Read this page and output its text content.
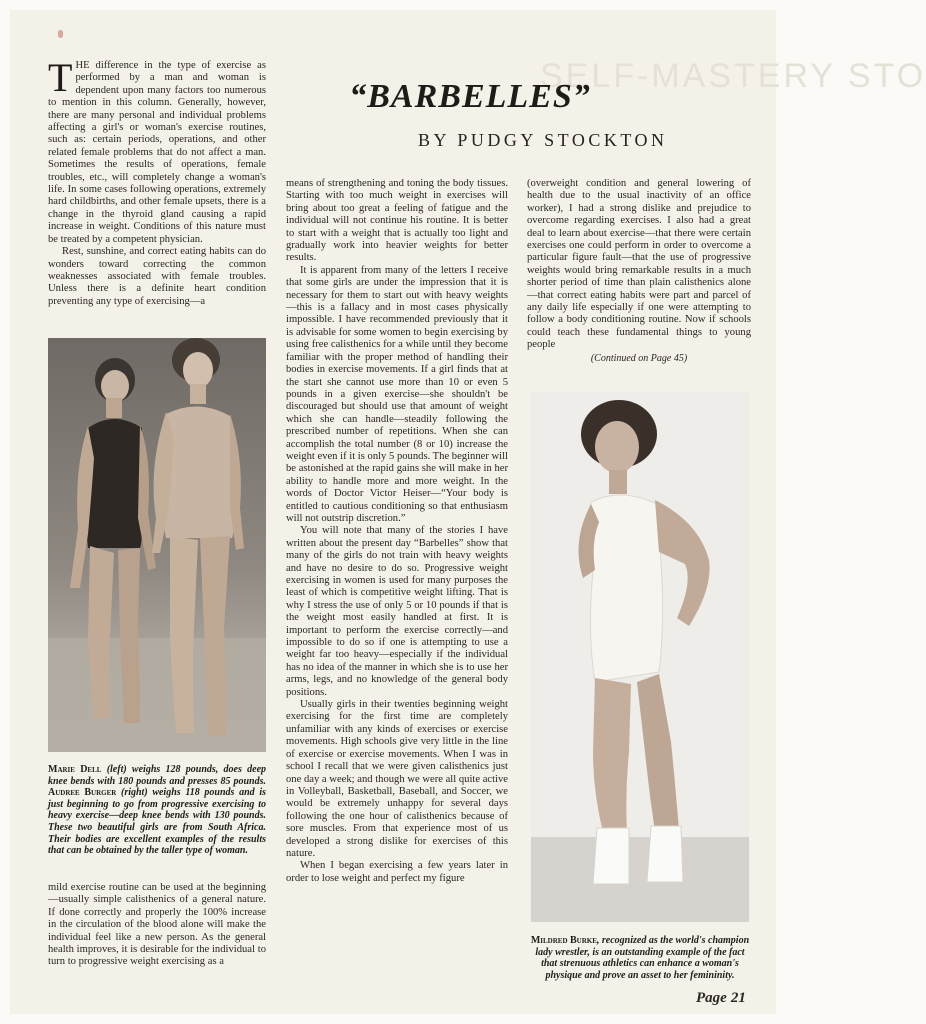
SELF-MASTERY STO
“BARBELLES”
BY PUDGY STOCKTON

THE difference in the type of exercise as performed by a man and woman is dependent upon many factors too numerous to mention in this column. Generally, however, there are many personal and individual problems affecting a girl's or woman's exercise routines, such as: certain periods, operations, and other related female problems that do not affect a man. Sometimes the results of operations, female troubles, etc., will completely change a woman's life. In some cases following operations, extremely hard childbirths, and other female upsets, there is a change in the thyroid gland causing a rapid increase in weight. Conditions of this nature must be treated by a competent physician.

Rest, sunshine, and correct eating habits can do wonders toward correcting the common weaknesses associated with female troubles. Unless there is a definite heart condition preventing any type of exercising—a

Marie Dell (left) weighs 128 pounds, does deep knee bends with 180 pounds and presses 85 pounds. Audree Burger (right) weighs 118 pounds and is just beginning to go from progressive exercising to heavy exercise—deep knee bends with 130 pounds. These two beautiful girls are from South Africa. Their bodies are excellent examples of the results that can be obtained by the taller type of woman.

mild exercise routine can be used at the beginning—usually simple calisthenics of a general nature. If done correctly and properly the 100% increase in the circulation of the blood alone will make the individual feel like a new person. As the general health improves, it is desirable for the individual to turn to progressive weight exercising as a

means of strengthening and toning the body tissues. Starting with too much weight in exercises will bring about too great a feeling of fatigue and the individual will not continue his routine. It is better to start with a weight that is actually too light and gradually work into heavier weights for better results.

It is apparent from many of the letters I receive that some girls are under the impression that it is necessary for them to start out with heavy weights—this is a fallacy and in most cases physically impossible. I have recommended previously that it is advisable for some women to begin exercising by using free calisthenics for a while until they become familiar with the proper method of handling their bodies in exercise movements. If a girl finds that at the start she cannot use more than 10 or even 5 pounds in a given exercise—she shouldn't be discouraged but should use that amount of weight which she can handle—steadily following the prescribed number of repetitions. When she can accomplish the total number (8 or 10) increase the weight even if it is only 5 pounds. The beginner will be astonished at the rapid gains she will make in her ability to handle more and more weight. In the words of Doctor Victor Heiser—“Your body is entitled to cautious conditioning so that enthusiasm will not outstrip discretion.”

You will note that many of the stories I have written about the present day “Barbelles” show that many of the girls do not train with heavy weights and have no desire to do so. Progressive weight exercising in women is used for many purposes the least of which is competitive weight lifting. That is why I stress the use of only 5 or 10 pounds if that is the weight most easily handled at first. It is important to perform the exercise correctly—and impossible to do so if one is attempting to use a weight far too heavy—especially if the individual has no idea of the manner in which she is to use her arms, legs, and no knowledge of the general body positions.

Usually girls in their twenties beginning weight exercising for the first time are completely unfamiliar with any kinds of exercises or exercise movements. High schools give very little in the line of exercise or exercise movements. When I was in school I recall that we were given calisthenics just one day a week; and though we were all quite active in Volleyball, Basketball, Baseball, and Soccer, we would be extremely unhappy for several days following the one hour of calisthenics because of sore muscles. From that experience most of us developed a strong dislike for exercises of this nature.

When I began exercising a few years later in order to lose weight and perfect my figure

(overweight condition and general lowering of health due to the usual inactivity of an office worker), I had a strong dislike and prejudice to overcome regarding exercises. I also had a great deal to learn about exercise—that there were certain exercises one could perform in order to overcome a particular figure fault—that the use of progressive weights would bring remarkable results in a much shorter period of time than plain calisthenics alone—that correct eating habits were part and parcel of any daily life especially if one were attempting to follow a body conditioning routine. Now if schools could teach these fundamental things to young people

(Continued on Page 45)
Mildred Burke, recognized as the world's champion lady wrestler, is an outstanding example of the fact that strenuous athletics can enhance a woman's physique and prove an asset to her femininity.
Page 21
